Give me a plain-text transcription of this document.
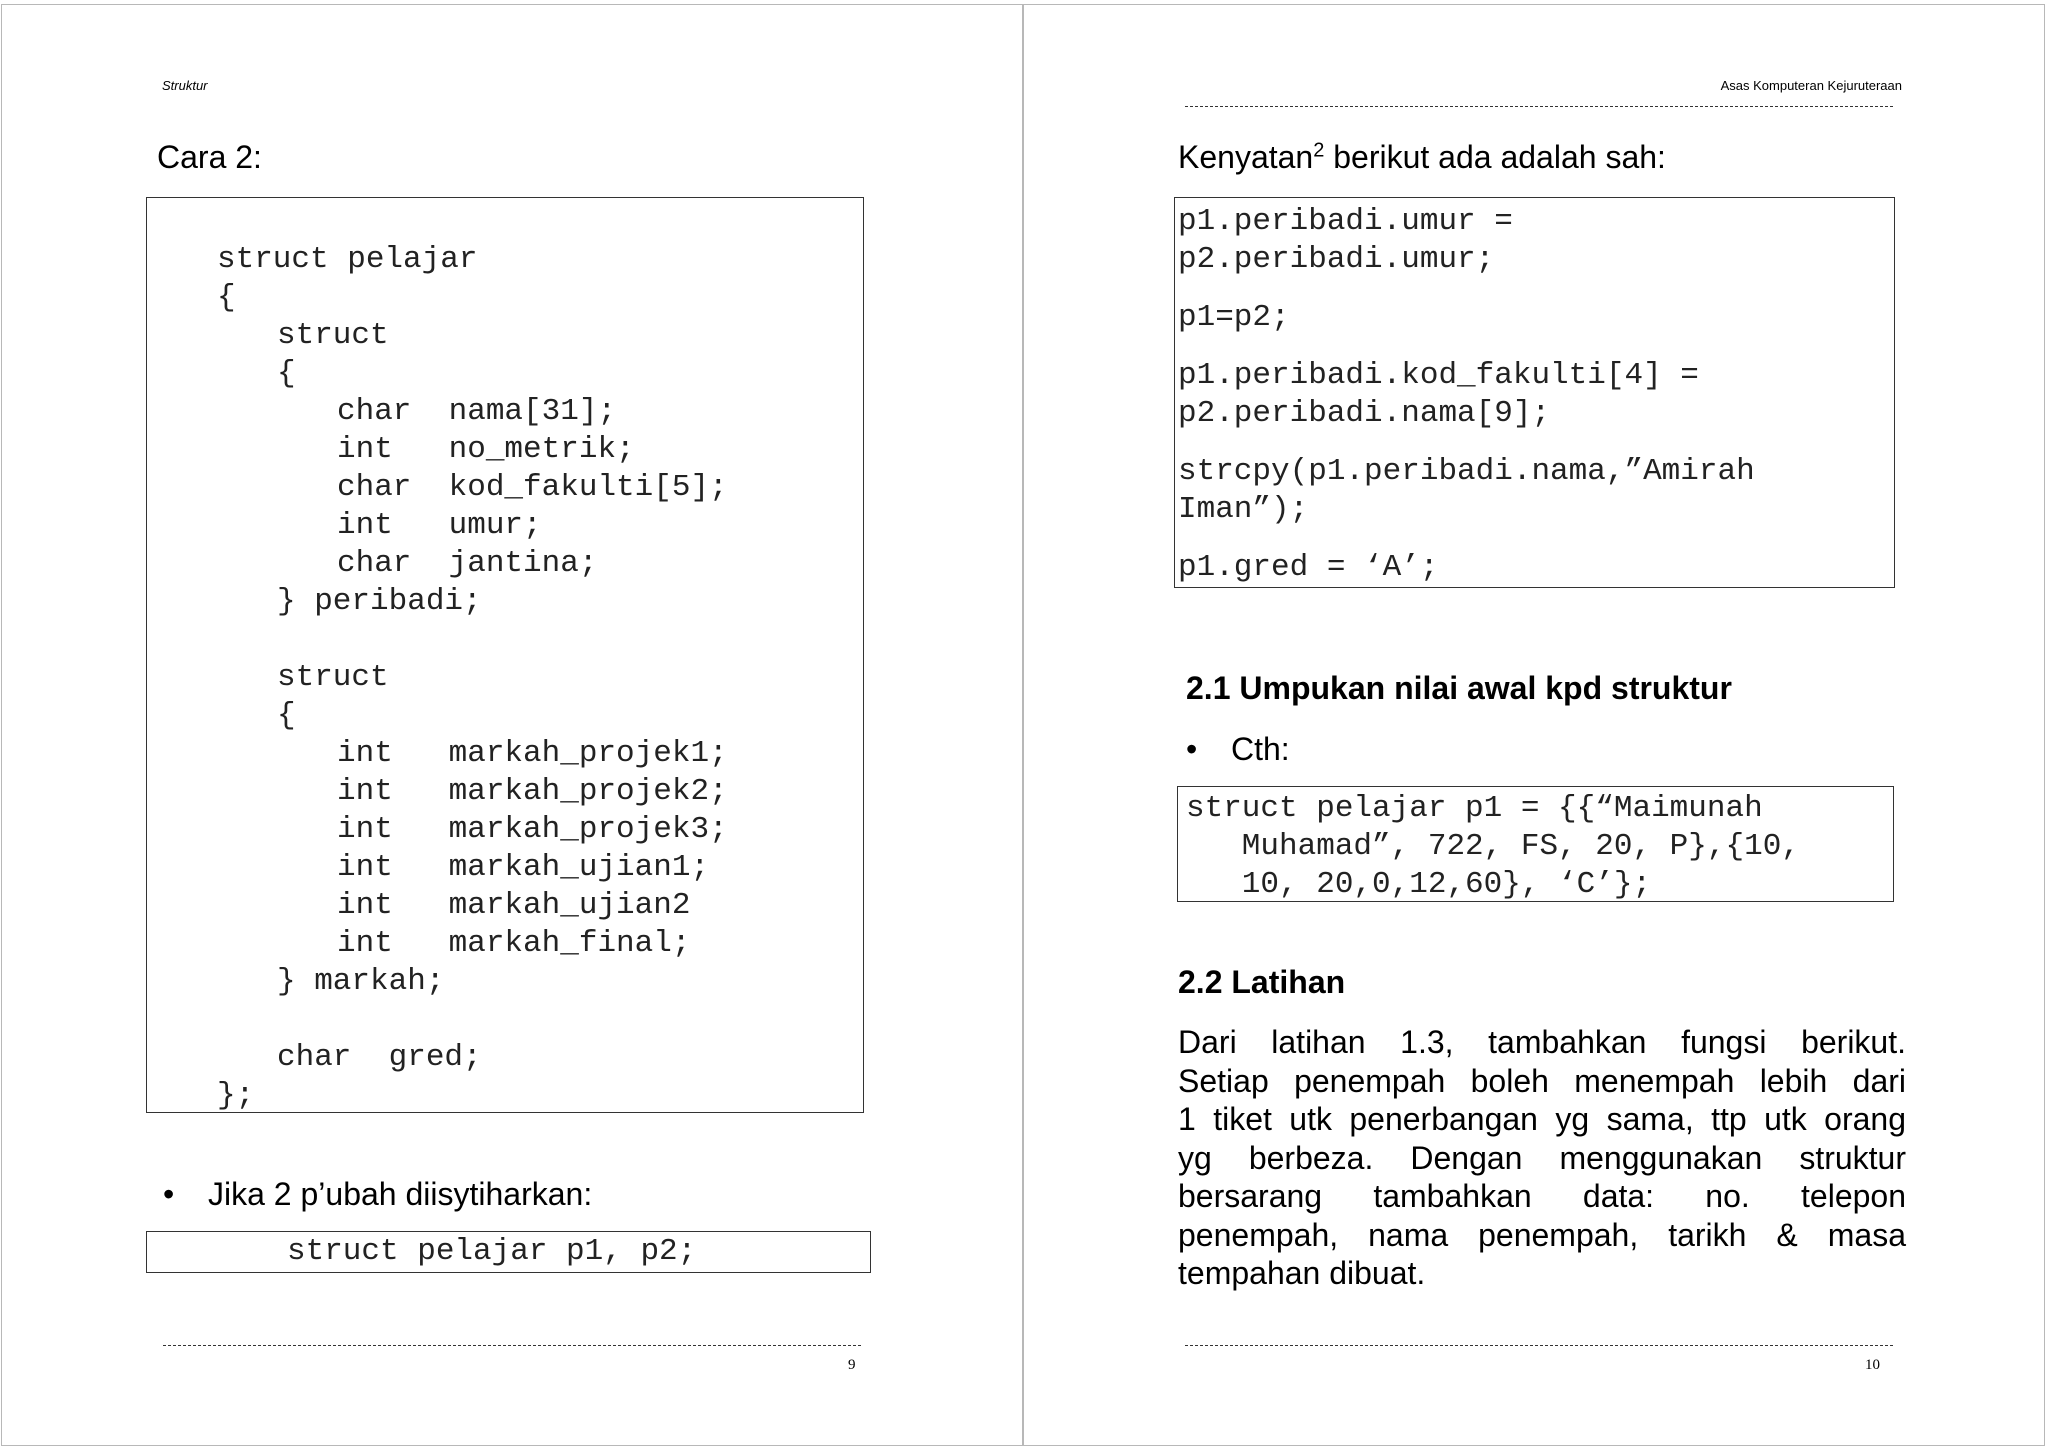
Struktur
Cara 2:
struct pelajar
{
struct
{
char  nama[31];
int   no_metrik;
char  kod_fakulti[5];
int   umur;
char  jantina;
} peribadi;
struct
{
int   markah_projek1;
int   markah_projek2;
int   markah_projek3;
int   markah_ujian1;
int   markah_ujian2
int   markah_final;
} markah;
char  gred;
};
• Jika 2 p’ubah diisytiharkan:

struct pelajar p1, p2;

9
Asas Komputeran Kejuruteraan
Kenyatan$^2$ berikut ada adalah sah:

p1.peribadi.umur =

p2.peribadi.umur;

p1=p2;

p1.peribadi.kod_fakulti[4] =

p2.peribadi.nama[9];

strcpy(p1.peribadi.nama,”Amirah

Iman”);

p1.gred = ‘A’;

2.1 Umpukan nilai awal kpd struktur
• Cth:

struct pelajar p1 = {{“Maimunah

Muhamad”, 722, FS, 20, P},{10,

10, 20,0,12,60}, ‘C’};

2.2 Latihan
Dari latihan 1.3, tambahkan fungsi berikut.
Setiap penempah boleh menempah lebih dari
1 tiket utk penerbangan yg sama, ttp utk orang
yg berbeza. Dengan menggunakan struktur
bersarang tambahkan data: no. telepon
penempah, nama penempah, tarikh & masa
tempahan dibuat.
10
